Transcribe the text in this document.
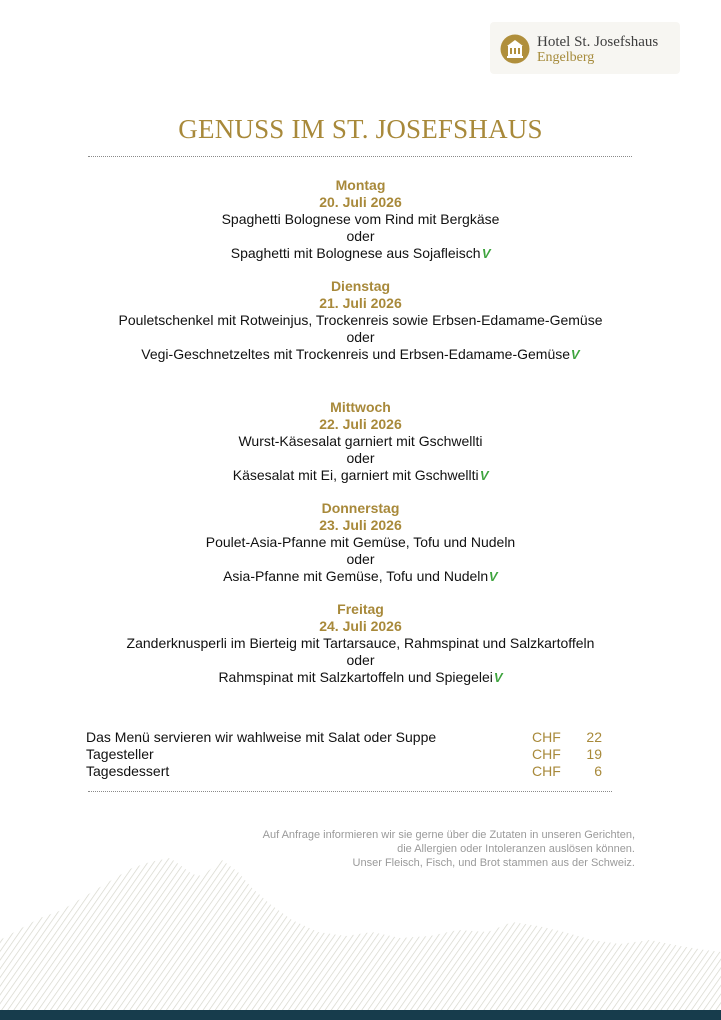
Hotel St. Josefshaus
Engelberg
GENUSS IM ST. JOSEFSHAUS
Montag
20. Juli 2026
Spaghetti Bolognese vom Rind mit Bergkäse
oder
Spaghetti mit Bolognese aus SojafleischV
Dienstag
21. Juli 2026
Pouletschenkel mit Rotweinjus, Trockenreis sowie Erbsen-Edamame-Gemüse
oder
Vegi-Geschnetzeltes mit Trockenreis und Erbsen-Edamame-GemüseV
Mittwoch
22. Juli 2026
Wurst-Käsesalat garniert mit Gschwellti
oder
Käsesalat mit Ei, garniert mit GschwelltiV
Donnerstag
23. Juli 2026
Poulet-Asia-Pfanne mit Gemüse, Tofu und Nudeln
oder
Asia-Pfanne mit Gemüse, Tofu und NudelnV
Freitag
24. Juli 2026
Zanderknusperli im Bierteig mit Tartarsauce, Rahmspinat und Salzkartoffeln
oder
Rahmspinat mit Salzkartoffeln und SpiegeleiV
Das Menü servieren wir wahlweise mit Salat oder Suppe	CHF 22
Tagesteller	CHF 19
Tagesdessert	CHF 6
Auf Anfrage informieren wir sie gerne über die Zutaten in unseren Gerichten,
die Allergien oder Intoleranzen auslösen können.
Unser Fleisch, Fisch, und Brot stammen aus der Schweiz.
